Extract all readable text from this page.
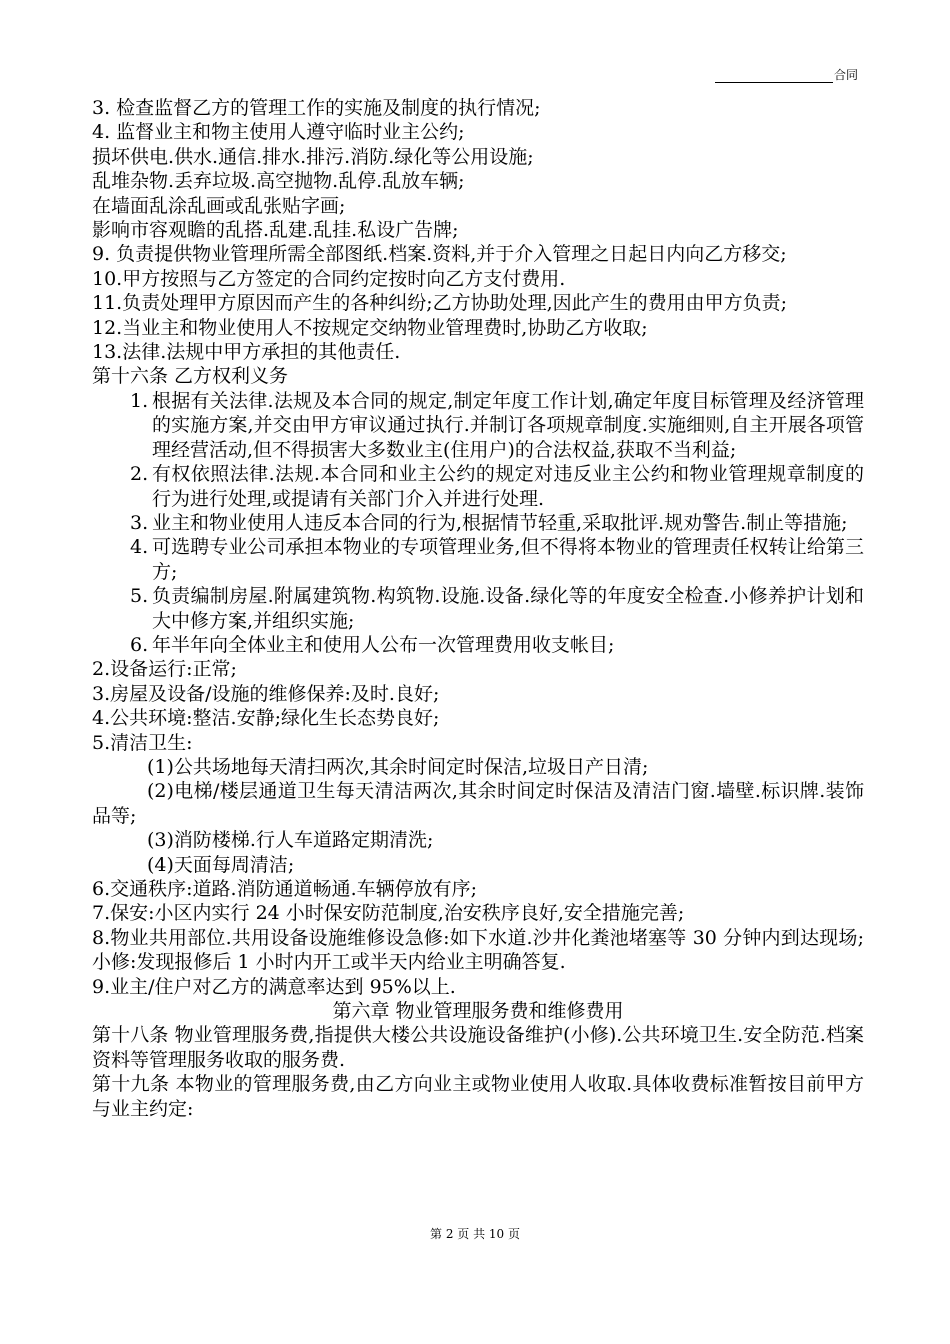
合同
3. 检查监督乙方的管理工作的实施及制度的执行情况;
4. 监督业主和物主使用人遵守临时业主公约;
损坏供电.供水.通信.排水.排污.消防.绿化等公用设施;
乱堆杂物.丢弃垃圾.高空抛物.乱停.乱放车辆;
在墙面乱涂乱画或乱张贴字画;
影响市容观瞻的乱搭.乱建.乱挂.私设广告牌;
9. 负责提供物业管理所需全部图纸.档案.资料,并于介入管理之日起日内向乙方移交;
10.甲方按照与乙方签定的合同约定按时向乙方支付费用.
11.负责处理甲方原因而产生的各种纠纷;乙方协助处理,因此产生的费用由甲方负责;
12.当业主和物业使用人不按规定交纳物业管理费时,协助乙方收取;
13.法律.法规中甲方承担的其他责任.
第十六条 乙方权利义务
1. 根据有关法律.法规及本合同的规定,制定年度工作计划,确定年度目标管理及经济管理的实施方案,并交由甲方审议通过执行.并制订各项规章制度.实施细则,自主开展各项管理经营活动,但不得损害大多数业主(住用户)的合法权益,获取不当利益;
2. 有权依照法律.法规.本合同和业主公约的规定对违反业主公约和物业管理规章制度的行为进行处理,或提请有关部门介入并进行处理.
3. 业主和物业使用人违反本合同的行为,根据情节轻重,采取批评.规劝警告.制止等措施;
4. 可选聘专业公司承担本物业的专项管理业务,但不得将本物业的管理责任权转让给第三方;
5. 负责编制房屋.附属建筑物.构筑物.设施.设备.绿化等的年度安全检查.小修养护计划和大中修方案,并组织实施;
6. 年半年向全体业主和使用人公布一次管理费用收支帐目;
2.设备运行:正常;
3.房屋及设备/设施的维修保养:及时.良好;
4.公共环境:整洁.安静;绿化生长态势良好;
5.清洁卫生:
(1)公共场地每天清扫两次,其余时间定时保洁,垃圾日产日清;
(2)电梯/楼层通道卫生每天清洁两次,其余时间定时保洁及清洁门窗.墙壁.标识牌.装饰品等;
(3)消防楼梯.行人车道路定期清洗;
(4)天面每周清洁;
6.交通秩序:道路.消防通道畅通.车辆停放有序;
7.保安:小区内实行 24 小时保安防范制度,治安秩序良好,安全措施完善;
8.物业共用部位.共用设备设施维修设急修:如下水道.沙井化粪池堵塞等 30 分钟内到达现场;小修:发现报修后 1 小时内开工或半天内给业主明确答复.
9.业主/住户对乙方的满意率达到 95%以上.
第六章 物业管理服务费和维修费用
第十八条 物业管理服务费,指提供大楼公共设施设备维护(小修).公共环境卫生.安全防范.档案资料等管理服务收取的服务费.
第十九条 本物业的管理服务费,由乙方向业主或物业使用人收取.具体收费标准暂按目前甲方与业主约定:
第 2 页 共 10 页
